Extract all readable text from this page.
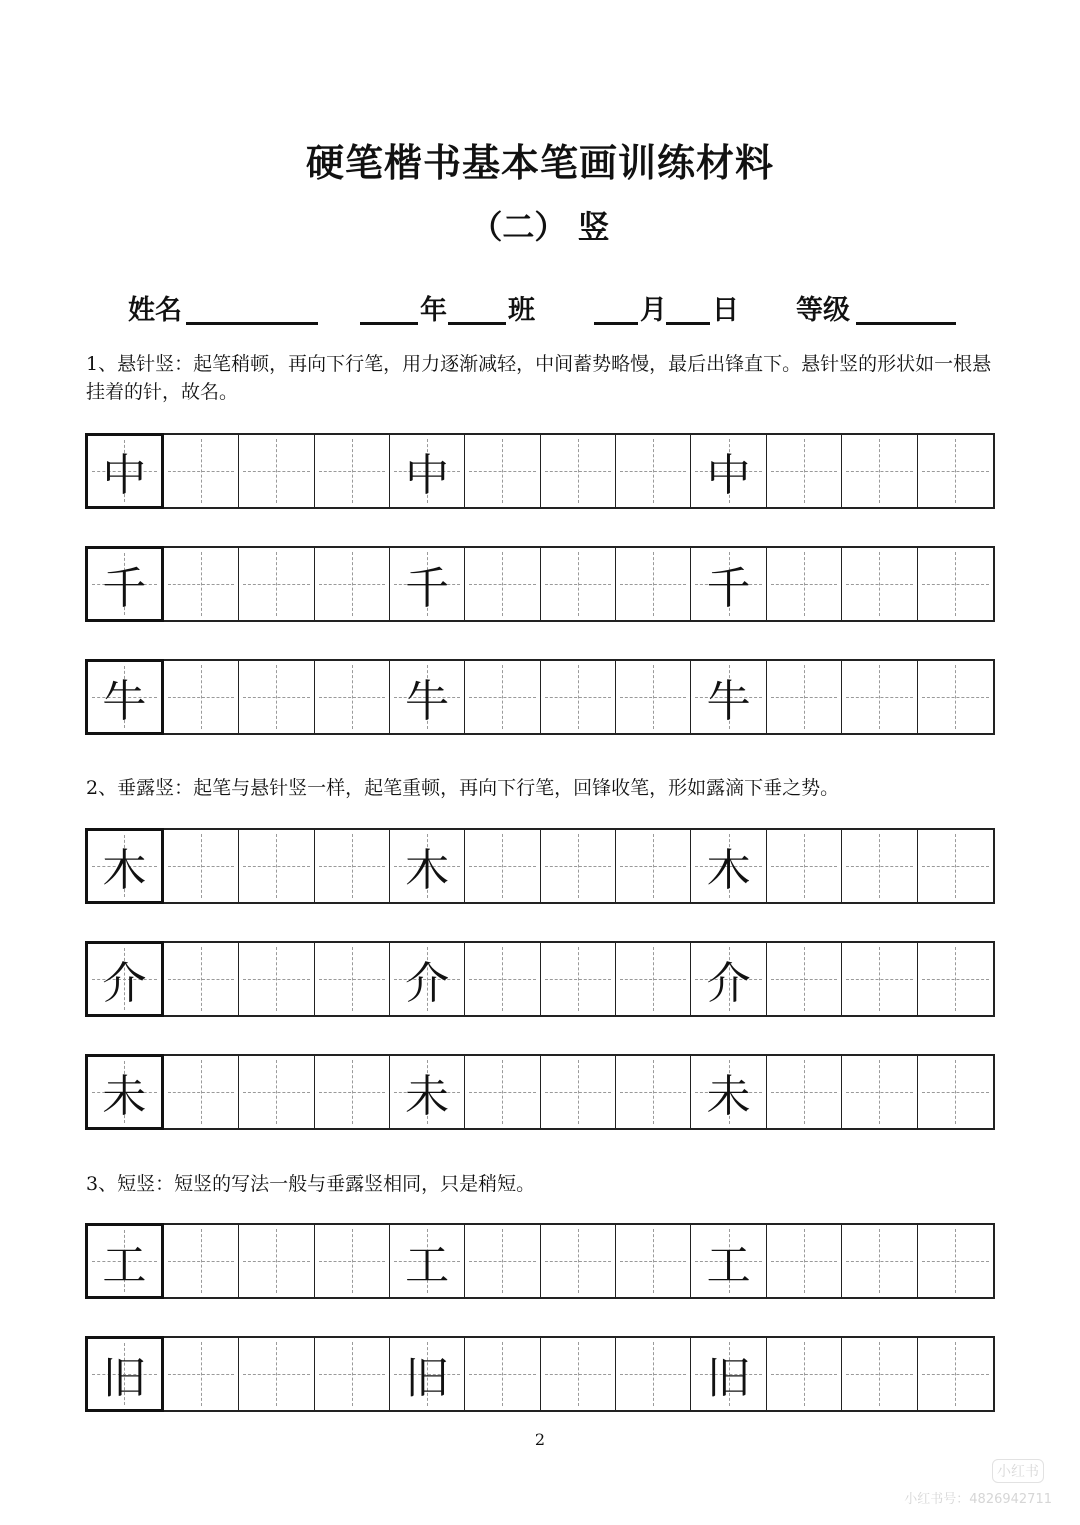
硬笔楷书基本笔画训练材料
（二） 竖
姓名	年 班	月 日 等级
1、悬针竖：起笔稍顿，再向下行笔，用力逐渐减轻，中间蓄势略慢，最后出锋直下。悬针竖的形状如一根悬挂着的针，故名。
中	中	中
千	千	千
牛	牛	牛
2、垂露竖：起笔与悬针竖一样，起笔重顿，再向下行笔，回锋收笔，形如露滴下垂之势。
木	木	木
介	介	介
未	未	未
3、短竖：短竖的写法一般与垂露竖相同，只是稍短。
工	工	工
旧	旧	旧
2
小红书
小红书号：4826942711
